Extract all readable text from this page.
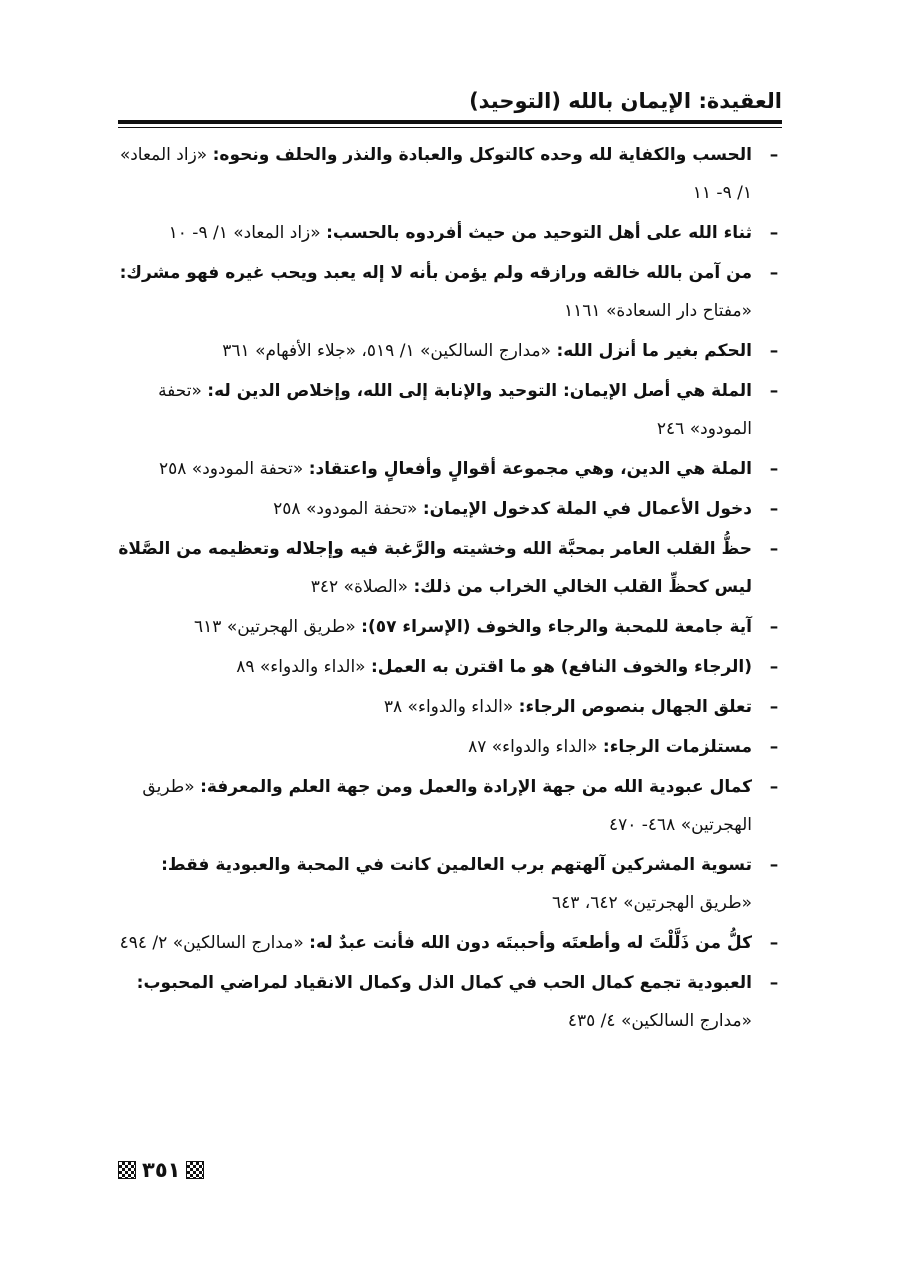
العقيدة: الإيمان بالله (التوحيد)
–
الحسب والكفاية لله وحده كالتوكل والعبادة والنذر والحلف ونحوه: «زاد المعاد» ١/ ٩- ١١
–
ثناء الله على أهل التوحيد من حيث أفردوه بالحسب: «زاد المعاد» ١/ ٩- ١٠
–
من آمن بالله خالقه ورازقه ولم يؤمن بأنه لا إله يعبد ويحب غيره فهو مشرك: «مفتاح دار السعادة» ١١٦١
–
الحكم بغير ما أنزل الله: «مدارج السالكين» ١/ ٥١٩، «جلاء الأفهام» ٣٦١
–
الملة هي أصل الإيمان: التوحيد والإنابة إلى الله، وإخلاص الدين له: «تحفة المودود» ٢٤٦
–
الملة هي الدين، وهي مجموعة أقوالٍ وأفعالٍ واعتقاد: «تحفة المودود» ٢٥٨
–
دخول الأعمال في الملة كدخول الإيمان: «تحفة المودود» ٢٥٨
–
حظُّ القلب العامر بمحبَّة الله وخشيته والرَّغبة فيه وإجلاله وتعظيمه من الصَّلاة ليس كحظِّ القلب الخالي الخراب من ذلك: «الصلاة» ٣٤٢
–
آية جامعة للمحبة والرجاء والخوف (الإسراء ٥٧): «طريق الهجرتين» ٦١٣
–
(الرجاء والخوف النافع) هو ما اقترن به العمل: «الداء والدواء» ٨٩
–
تعلق الجهال بنصوص الرجاء: «الداء والدواء» ٣٨
–
مستلزمات الرجاء: «الداء والدواء» ٨٧
–
كمال عبودية الله من جهة الإرادة والعمل ومن جهة العلم والمعرفة: «طريق الهجرتين» ٤٦٨- ٤٧٠
–
تسوية المشركين آلهتهم برب العالمين كانت في المحبة والعبودية فقط: «طريق الهجرتين» ٦٤٢، ٦٤٣
–
كلُّ من ذَلَّلْتَ له وأطعتَه وأحببتَه دون الله فأنت عبدٌ له: «مدارج السالكين» ٢/ ٤٩٤
–
العبودية تجمع كمال الحب في كمال الذل وكمال الانقياد لمراضي المحبوب: «مدارج السالكين» ٤/ ٤٣٥
٣٥١
